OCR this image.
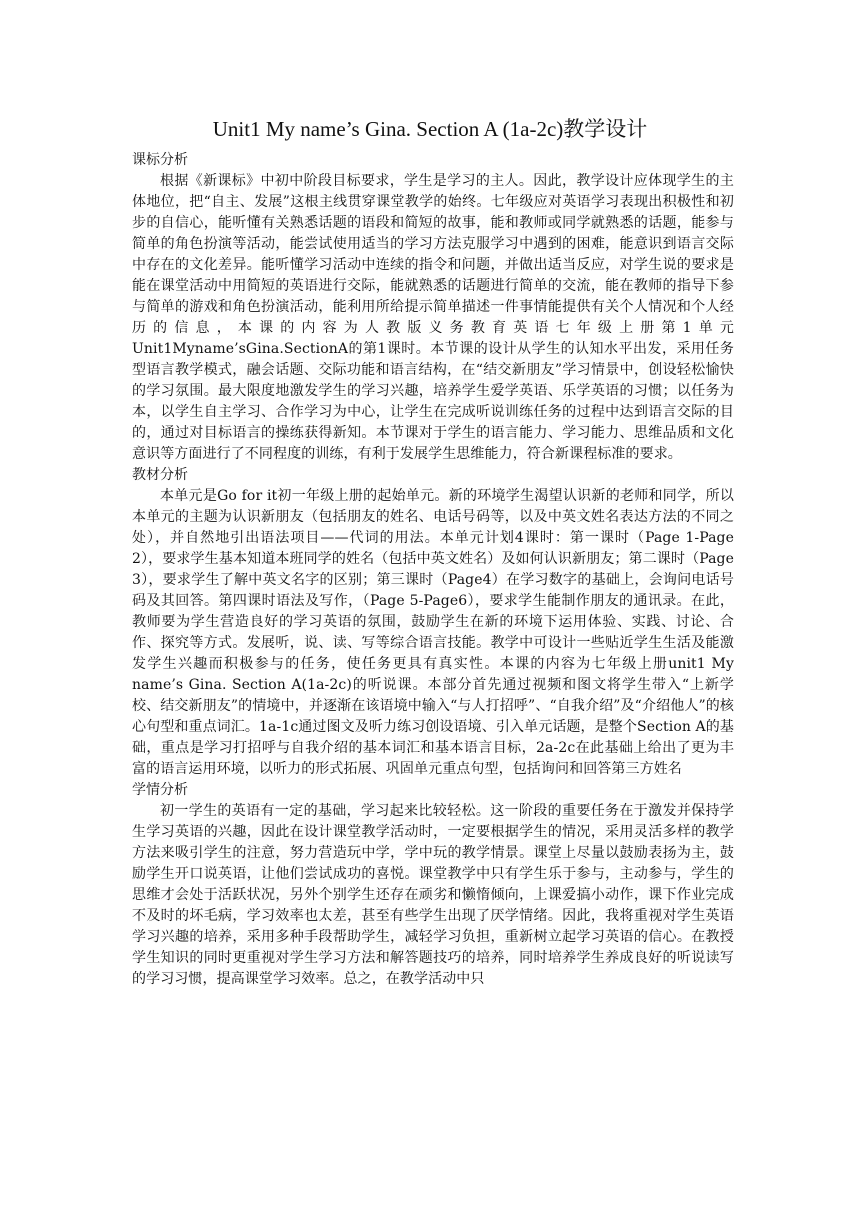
Unit1 My name’s Gina. Section A (1a-2c)教学设计

课标分析

根据《新课标》中初中阶段目标要求，学生是学习的主人。因此，教学设计应体现学生的主体地位，把“自主、发展”这根主线贯穿课堂教学的始终。七年级应对英语学习表现出积极性和初步的自信心，能听懂有关熟悉话题的语段和简短的故事，能和教师或同学就熟悉的话题，能参与简单的角色扮演等活动，能尝试使用适当的学习方法克服学习中遇到的困难，能意识到语言交际中存在的文化差异。能听懂学习活动中连续的指令和问题，并做出适当反应，对学生说的要求是能在课堂活动中用简短的英语进行交际，能就熟悉的话题进行简单的交流，能在教师的指导下参与简单的游戏和角色扮演活动，能利用所给提示简单描述一件事情能提供有关个人情况和个人经历的信息，本课的内容为人教版义务教育英语七年级上册第1单元Unit1Myname’sGina.SectionA的第1课时。本节课的设计从学生的认知水平出发，采用任务型语言教学模式，融会话题、交际功能和语言结构，在“结交新朋友”学习情景中，创设轻松愉快的学习氛围。最大限度地激发学生的学习兴趣，培养学生爱学英语、乐学英语的习惯；以任务为本，以学生自主学习、合作学习为中心，让学生在完成听说训练任务的过程中达到语言交际的目的，通过对目标语言的操练获得新知。本节课对于学生的语言能力、学习能力、思维品质和文化意识等方面进行了不同程度的训练，有利于发展学生思维能力，符合新课程标准的要求。

教材分析

本单元是Go for it初一年级上册的起始单元。新的环境学生渴望认识新的老师和同学，所以本单元的主题为认识新朋友（包括朋友的姓名、电话号码等，以及中英文姓名表达方法的不同之处），并自然地引出语法项目——代词的用法。本单元计划4课时：第一课时（Page 1-Page 2），要求学生基本知道本班同学的姓名（包括中英文姓名）及如何认识新朋友；第二课时（Page 3），要求学生了解中英文名字的区别；第三课时（Page4）在学习数字的基础上，会询问电话号码及其回答。第四课时语法及写作，（Page 5-Page6），要求学生能制作朋友的通讯录。在此，教师要为学生营造良好的学习英语的氛围，鼓励学生在新的环境下运用体验、实践、讨论、合作、探究等方式。发展听，说、读、写等综合语言技能。教学中可设计一些贴近学生生活及能激发学生兴趣而积极参与的任务，使任务更具有真实性。本课的内容为七年级上册unit1 My name’s Gina. Section A(1a-2c)的听说课。本部分首先通过视频和图文将学生带入“上新学校、结交新朋友”的情境中，并逐渐在该语境中输入“与人打招呼”、“自我介绍”及“介绍他人”的核心句型和重点词汇。1a-1c通过图文及听力练习创设语境、引入单元话题，是整个Section A的基础，重点是学习打招呼与自我介绍的基本词汇和基本语言目标，2a-2c在此基础上给出了更为丰富的语言运用环境，以听力的形式拓展、巩固单元重点句型，包括询问和回答第三方姓名

学情分析

初一学生的英语有一定的基础，学习起来比较轻松。这一阶段的重要任务在于激发并保持学生学习英语的兴趣，因此在设计课堂教学活动时，一定要根据学生的情况，采用灵活多样的教学方法来吸引学生的注意，努力营造玩中学，学中玩的教学情景。课堂上尽量以鼓励表扬为主，鼓励学生开口说英语，让他们尝试成功的喜悦。课堂教学中只有学生乐于参与，主动参与，学生的思维才会处于活跃状况，另外个别学生还存在顽劣和懒惰倾向，上课爱搞小动作，课下作业完成不及时的坏毛病，学习效率也太差，甚至有些学生出现了厌学情绪。因此，我将重视对学生英语学习兴趣的培养，采用多种手段帮助学生，减轻学习负担，重新树立起学习英语的信心。在教授学生知识的同时更重视对学生学习方法和解答题技巧的培养，同时培养学生养成良好的听说读写的学习习惯，提高课堂学习效率。总之，在教学活动中只
